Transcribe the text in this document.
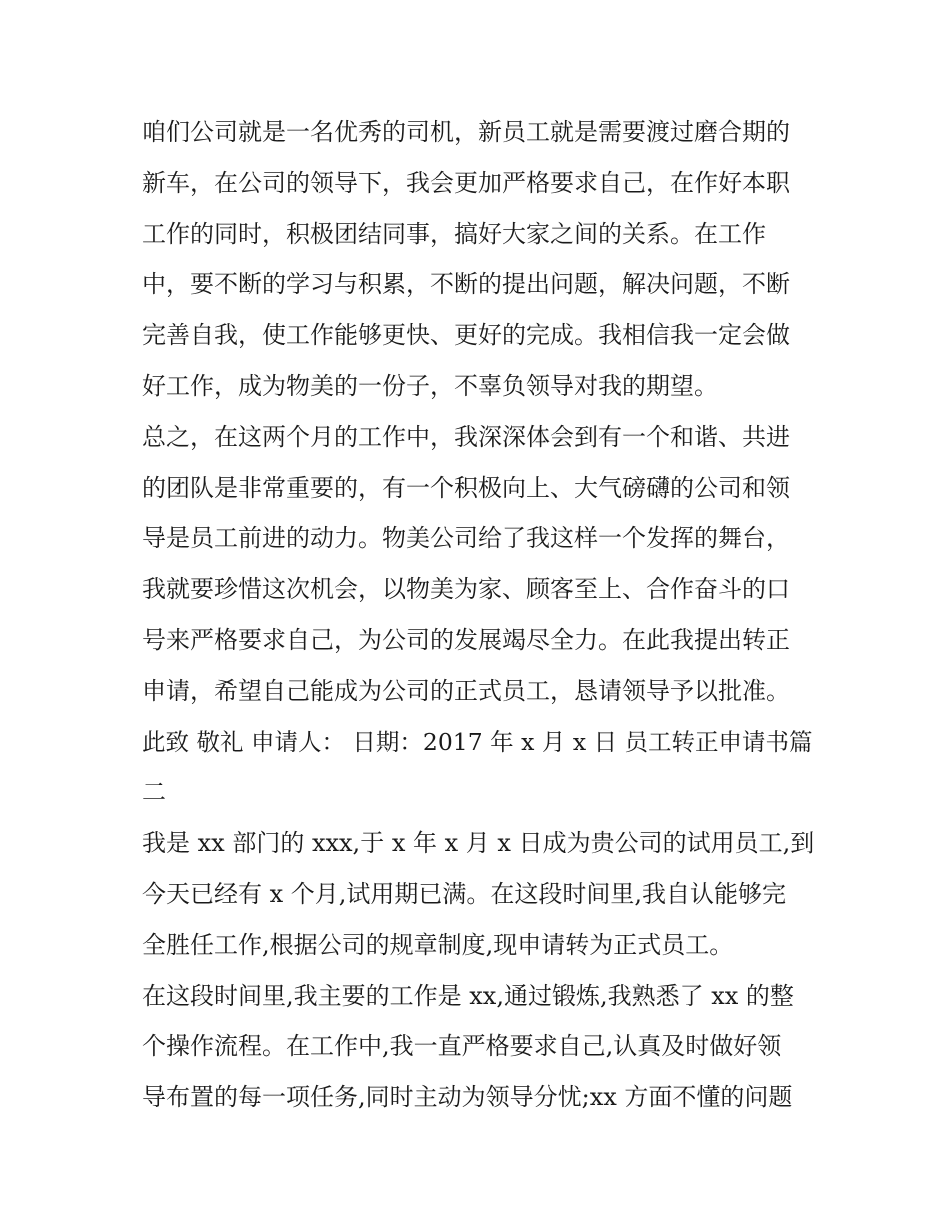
咱们公司就是一名优秀的司机，新员工就是需要渡过磨合期的
新车，在公司的领导下，我会更加严格要求自己，在作好本职
工作的同时，积极团结同事，搞好大家之间的关系。在工作
中，要不断的学习与积累，不断的提出问题，解决问题，不断
完善自我，使工作能够更快、更好的完成。我相信我一定会做
好工作，成为物美的一份子，不辜负领导对我的期望。
总之，在这两个月的工作中，我深深体会到有一个和谐、共进
的团队是非常重要的，有一个积极向上、大气磅礴的公司和领
导是员工前进的动力。物美公司给了我这样一个发挥的舞台，
我就要珍惜这次机会，以物美为家、顾客至上、合作奋斗的口
号来严格要求自己，为公司的发展竭尽全力。在此我提出转正
申请，希望自己能成为公司的正式员工，恳请领导予以批准。
此致 敬礼 申请人： 日期：2017 年 x 月 x 日 员工转正申请书篇
二
我是 xx 部门的 xxx,于 x 年 x 月 x 日成为贵公司的试用员工,到
今天已经有 x 个月,试用期已满。在这段时间里,我自认能够完
全胜任工作,根据公司的规章制度,现申请转为正式员工。
在这段时间里,我主要的工作是 xx,通过锻炼,我熟悉了 xx 的整
个操作流程。在工作中,我一直严格要求自己,认真及时做好领
导布置的每一项任务,同时主动为领导分忧;xx 方面不懂的问题
